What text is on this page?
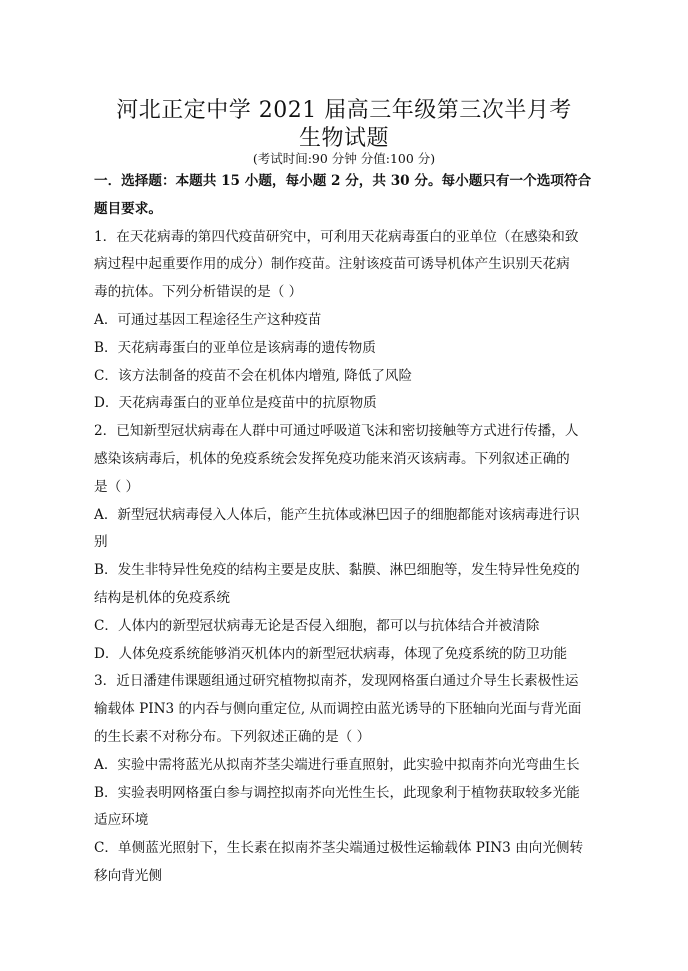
河北正定中学 2021 届高三年级第三次半月考
生物试题
(考试时间:90 分钟 分值:100 分)
一．选择题：本题共 15 小题，每小题 2 分，共 30 分。每小题只有一个选项符合
题目要求。
1．在天花病毒的第四代疫苗研究中，可利用天花病毒蛋白的亚单位（在感染和致
病过程中起重要作用的成分）制作疫苗。注射该疫苗可诱导机体产生识别天花病
毒的抗体。下列分析错误的是（ ）
A．可通过基因工程途径生产这种疫苗
B．天花病毒蛋白的亚单位是该病毒的遗传物质
C．该方法制备的疫苗不会在机体内增殖, 降低了风险
D．天花病毒蛋白的亚单位是疫苗中的抗原物质
2．已知新型冠状病毒在人群中可通过呼吸道飞沫和密切接触等方式进行传播，人
感染该病毒后，机体的免疫系统会发挥免疫功能来消灭该病毒。下列叙述正确的
是（ ）
A．新型冠状病毒侵入人体后，能产生抗体或淋巴因子的细胞都能对该病毒进行识
别
B．发生非特异性免疫的结构主要是皮肤、黏膜、淋巴细胞等，发生特异性免疫的
结构是机体的免疫系统
C．人体内的新型冠状病毒无论是否侵入细胞，都可以与抗体结合并被清除
D．人体免疫系统能够消灭机体内的新型冠状病毒，体现了免疫系统的防卫功能
3．近日潘建伟课题组通过研究植物拟南芥，发现网格蛋白通过介导生长素极性运
输载体 PIN3 的内吞与侧向重定位, 从而调控由蓝光诱导的下胚轴向光面与背光面
的生长素不对称分布。下列叙述正确的是（ ）
A．实验中需将蓝光从拟南芥茎尖端进行垂直照射，此实验中拟南芥向光弯曲生长
B．实验表明网格蛋白参与调控拟南芥向光性生长，此现象利于植物获取较多光能
适应环境
C．单侧蓝光照射下，生长素在拟南芥茎尖端通过极性运输载体 PIN3 由向光侧转
移向背光侧
